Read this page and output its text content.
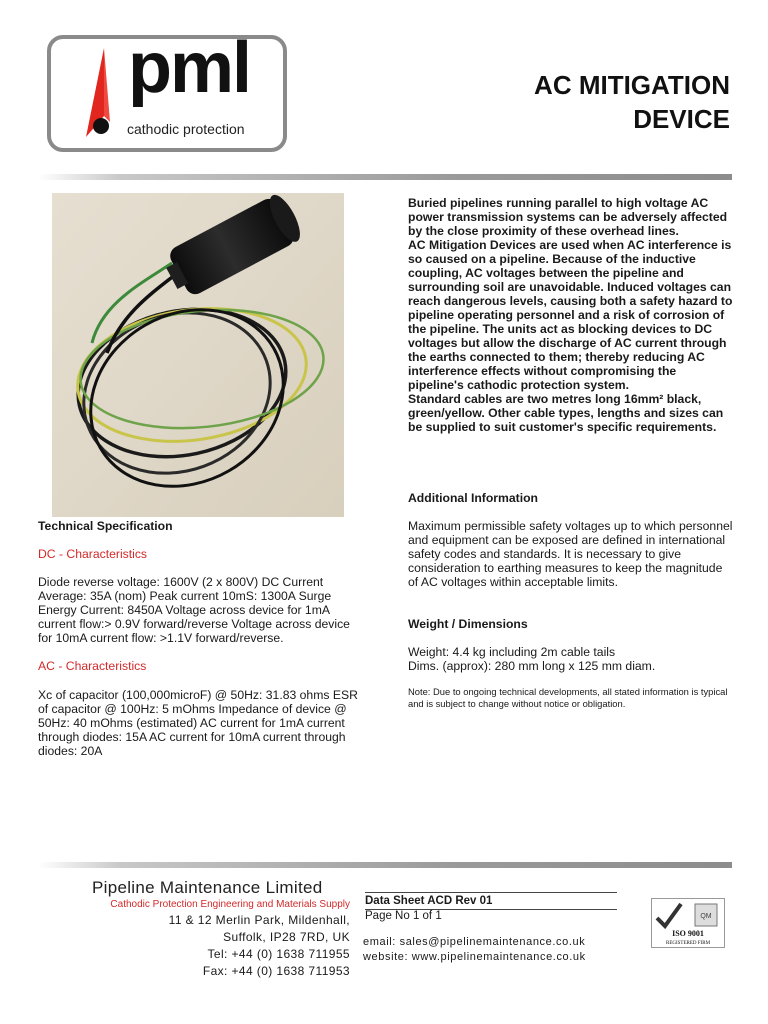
pml
cathodic protection
AC MITIGATION
DEVICE
Buried pipelines running parallel to high voltage AC power transmission systems can be adversely affected by the close proximity of these overhead lines.
AC Mitigation Devices are used when AC interference is so caused on a pipeline. Because of the inductive coupling, AC voltages between the pipeline and surrounding soil are unavoidable. Induced voltages can reach dangerous levels, causing both a safety hazard to pipeline operating personnel and a risk of corrosion of the pipeline. The units act as blocking devices to DC voltages but allow the discharge of AC current through the earths connected to them; thereby reducing AC interference effects without compromising the pipeline's cathodic protection system.
Standard cables are two metres long 16mm² black, green/yellow. Other cable types, lengths and sizes can be supplied to suit customer's specific requirements.
Additional Information
Maximum permissible safety voltages up to which personnel and equipment can be exposed are defined in international safety codes and standards. It is necessary to give consideration to earthing measures to keep the magnitude of AC voltages within acceptable limits.
Weight / Dimensions
Weight: 4.4 kg including 2m cable tails
Dims. (approx): 280 mm long x 125 mm diam.
Note: Due to ongoing technical developments, all stated information is typical and is subject to change without notice or obligation.
Technical Specification
DC - Characteristics
Diode reverse voltage: 1600V (2 x 800V) DC Current Average: 35A (nom) Peak current 10mS: 1300A Surge Energy Current: 8450A Voltage across device for 1mA current flow:> 0.9V forward/reverse Voltage across device for 10mA current flow: >1.1V forward/reverse.
AC - Characteristics
Xc of capacitor (100,000microF) @ 50Hz: 31.83 ohms ESR of capacitor @ 100Hz: 5 mOhms Impedance of device @ 50Hz: 40 mOhms (estimated) AC current for 1mA current through diodes: 15A AC current for 10mA current through diodes: 20A
Pipeline Maintenance Limited
Cathodic Protection Engineering and Materials Supply
11 & 12 Merlin Park, Mildenhall,
Suffolk, IP28 7RD, UK
Tel: +44 (0) 1638 711955
Fax: +44 (0) 1638 711953
Data Sheet ACD Rev 01
Page No 1 of 1
email: sales@pipelinemaintenance.co.uk
website: www.pipelinemaintenance.co.uk
QM
ISO 9001
REGISTERED FIRM
